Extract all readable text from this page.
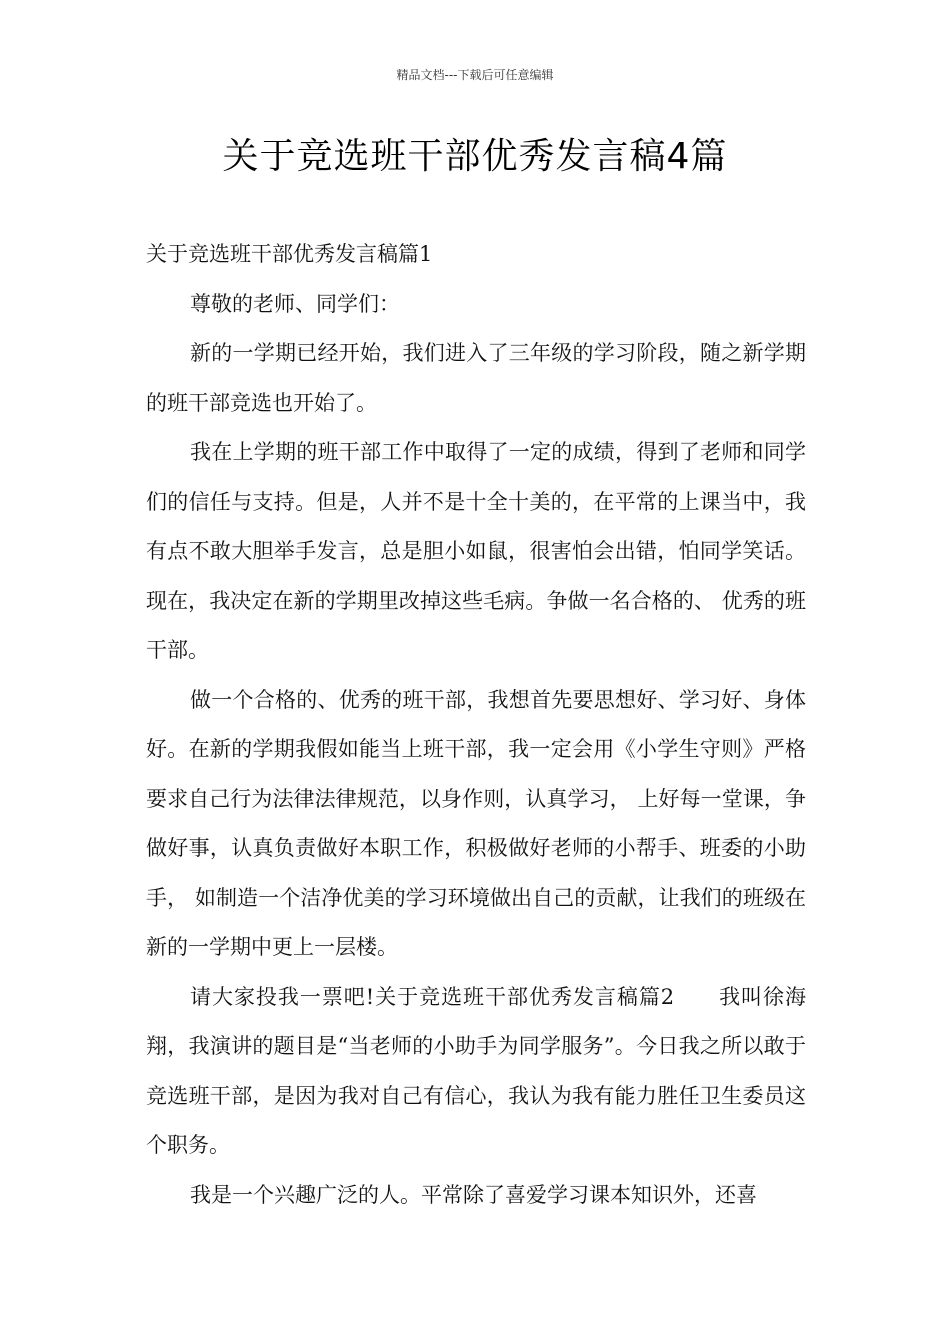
精品文档---下载后可任意编辑
关于竞选班干部优秀发言稿4篇

关于竞选班干部优秀发言稿篇1

尊敬的老师、同学们：

新的一学期已经开始，我们进入了三年级的学习阶段，随之新学期的班干部竞选也开始了。

我在上学期的班干部工作中取得了一定的成绩，得到了老师和同学们的信任与支持。但是，人并不是十全十美的，在平常的上课当中，我有点不敢大胆举手发言，总是胆小如鼠，很害怕会出错，怕同学笑话。现在，我决定在新的学期里改掉这些毛病。争做一名合格的、 优秀的班干部。

做一个合格的、优秀的班干部，我想首先要思想好、学习好、身体好。在新的学期我假如能当上班干部，我一定会用《小学生守则》严格要求自己行为法律法律规范，以身作则，认真学习， 上好每一堂课，争做好事，认真负责做好本职工作，积极做好老师的小帮手、班委的小助手， 如制造一个洁净优美的学习环境做出自己的贡献，让我们的班级在新的一学期中更上一层楼。

请大家投我一票吧!关于竞选班干部优秀发言稿篇2　　我叫徐海翔，我演讲的题目是“当老师的小助手为同学服务”。今日我之所以敢于竞选班干部，是因为我对自己有信心，我认为我有能力胜任卫生委员这个职务。

我是一个兴趣广泛的人。平常除了喜爱学习课本知识外，还喜
